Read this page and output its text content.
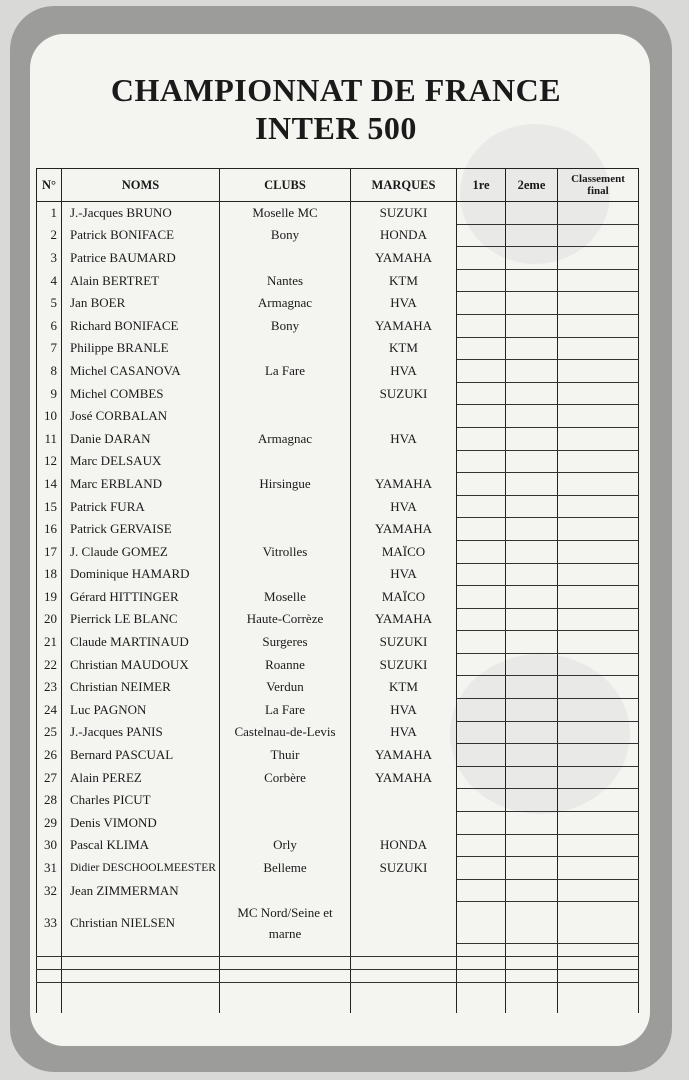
CHAMPIONNAT DE FRANCE
INTER 500
N°	NOMS	CLUBS	MARQUES	1re	2eme	Classement final
1	J.-Jacques BRUNO	Moselle MC	SUZUKI			
2	Patrick BONIFACE	Bony	HONDA			
3	Patrice BAUMARD		YAMAHA			
4	Alain BERTRET	Nantes	KTM			
5	Jan BOER	Armagnac	HVA			
6	Richard BONIFACE	Bony	YAMAHA			
7	Philippe BRANLE		KTM			
8	Michel CASANOVA	La Fare	HVA			
9	Michel COMBES		SUZUKI			
10	José CORBALAN					
11	Danie DARAN	Armagnac	HVA			
12	Marc DELSAUX					
14	Marc ERBLAND	Hirsingue	YAMAHA			
15	Patrick FURA		HVA			
16	Patrick GERVAISE		YAMAHA			
17	J. Claude GOMEZ	Vitrolles	MAÏCO			
18	Dominique HAMARD		HVA			
19	Gérard HITTINGER	Moselle	MAÏCO			
20	Pierrick LE BLANC	Haute-Corrèze	YAMAHA			
21	Claude MARTINAUD	Surgeres	SUZUKI			
22	Christian MAUDOUX	Roanne	SUZUKI			
23	Christian NEIMER	Verdun	KTM			
24	Luc PAGNON	La Fare	HVA			
25	J.-Jacques PANIS	Castelnau-de-Levis	HVA			
26	Bernard PASCUAL	Thuir	YAMAHA			
27	Alain PEREZ	Corbère	YAMAHA			
28	Charles PICUT					
29	Denis VIMOND					
30	Pascal KLIMA	Orly	HONDA			
31	Didier DESCHOOLMEESTER	Belleme	SUZUKI			
32	Jean ZIMMERMAN					
33	Christian NIELSEN	MC Nord/Seine et marne				
